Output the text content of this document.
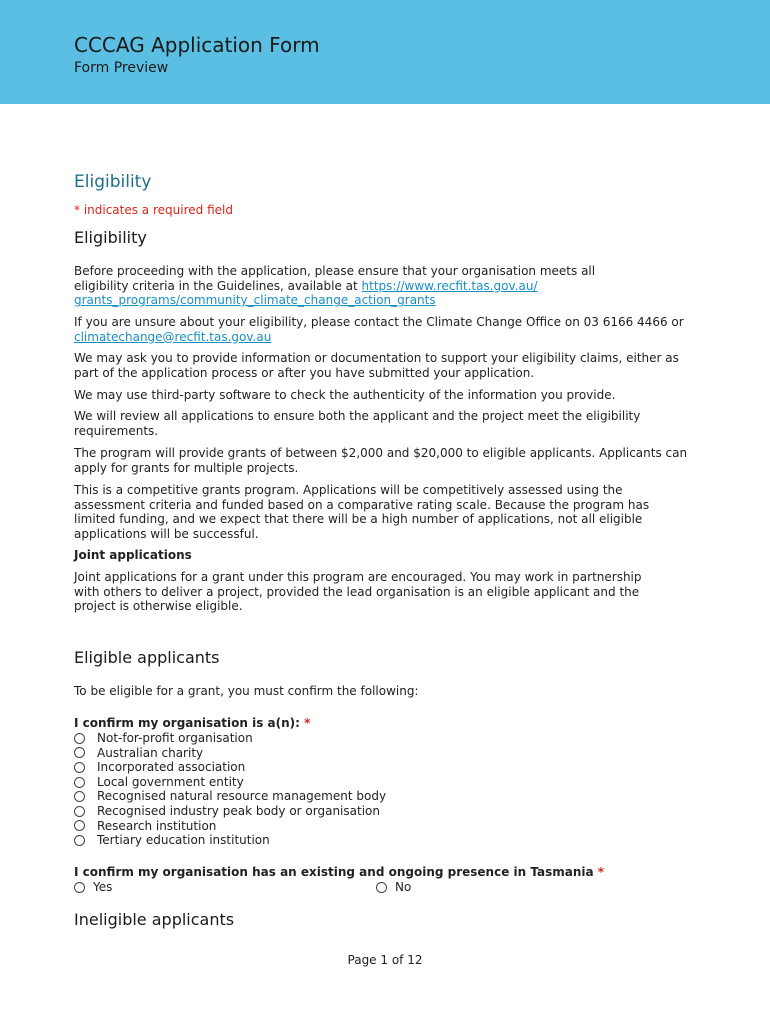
CCCAG Application Form
Form Preview
Eligibility
* indicates a required field
Eligibility
Before proceeding with the application, please ensure that your organisation meets all eligibility criteria in the Guidelines, available at https://www.recfit.tas.gov.au/
grants_programs/community_climate_change_action_grants
If you are unsure about your eligibility, please contact the Climate Change Office on 03 6166 4466 or climatechange@recfit.tas.gov.au
We may ask you to provide information or documentation to support your eligibility claims, either as part of the application process or after you have submitted your application.
We may use third-party software to check the authenticity of the information you provide.
We will review all applications to ensure both the applicant and the project meet the eligibility requirements.
The program will provide grants of between $2,000 and $20,000 to eligible applicants. Applicants can apply for grants for multiple projects.
This is a competitive grants program. Applications will be competitively assessed using the assessment criteria and funded based on a comparative rating scale. Because the program has limited funding, and we expect that there will be a high number of applications, not all eligible applications will be successful.
Joint applications
Joint applications for a grant under this program are encouraged. You may work in partnership with others to deliver a project, provided the lead organisation is an eligible applicant and the project is otherwise eligible.
Eligible applicants
To be eligible for a grant, you must confirm the following:
I confirm my organisation is a(n): *
Not-for-profit organisation
Australian charity
Incorporated association
Local government entity
Recognised natural resource management body
Recognised industry peak body or organisation
Research institution
Tertiary education institution
I confirm my organisation has an existing and ongoing presence in Tasmania *
Yes	No
Ineligible applicants
Page 1 of 12
